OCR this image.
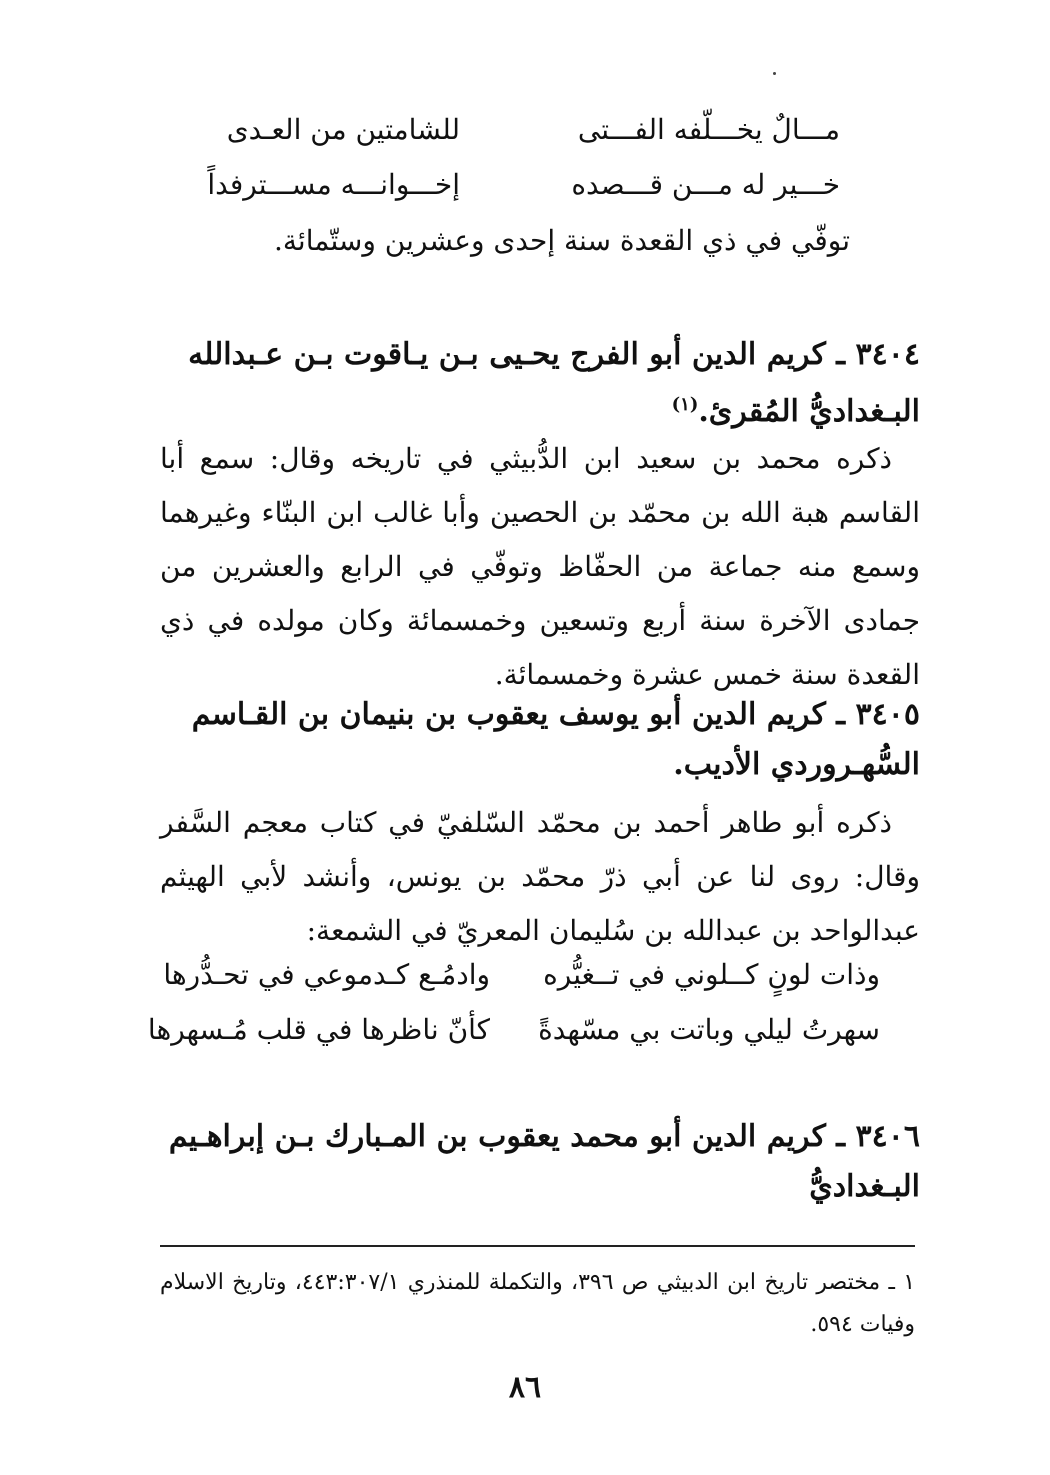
مـــالٌ يخـــلّفه الفـــتى
للشامتين من العـدى
خـــير له مـــن قـــصده
إخـــوانـــه مســـترفداً
توفّي في ذي القعدة سنة إحدى وعشرين وستّمائة.
٣٤٠٤ ـ كريم الدين أبو الفرج يحـيى بـن يـاقوت بـن عـبدالله البـغداديُّ المُقرئ.$^{(١)}$
ذكره محمد بن سعيد ابن الدُّبيثي في تاريخه وقال: سمع أبا القاسم هبة الله بن محمّد بن الحصين وأبا غالب ابن البنّاء وغيرهما وسمع منه جماعة من الحفّاظ وتوفّي في الرابع والعشرين من جمادى الآخرة سنة أربع وتسعين وخمسمائة وكان مولده في ذي القعدة سنة خمس عشرة وخمسمائة.
٣٤٠٥ ـ كريم الدين أبو يوسف يعقوب بن بنيمان بن القـاسم السُّهـروردي الأديب.
ذكره أبو طاهر أحمد بن محمّد السّلفيّ في كتاب معجم السَّفر وقال: روى لنا عن أبي ذرّ محمّد بن يونس، وأنشد لأبي الهيثم عبدالواحد بن عبدالله بن سُليمان المعريّ في الشمعة:
وذات لونٍ كــلوني في تــغيُّره
وادمُـع كـدموعي في تحـدُّرها
سهرتُ ليلي وباتت بي مسّهدةً
كأنّ ناظرها في قلب مُـسهرها
٣٤٠٦ ـ كريم الدين أبو محمد يعقوب بن المـبارك بـن إبراهـيم البـغداديُّ
١ ـ مختصر تاريخ ابن الدبيثي ص ٣٩٦، والتكملة للمنذري ٤٤٣:٣٠٧/١، وتاريخ الاسلام وفيات ٥٩٤.
٨٦
